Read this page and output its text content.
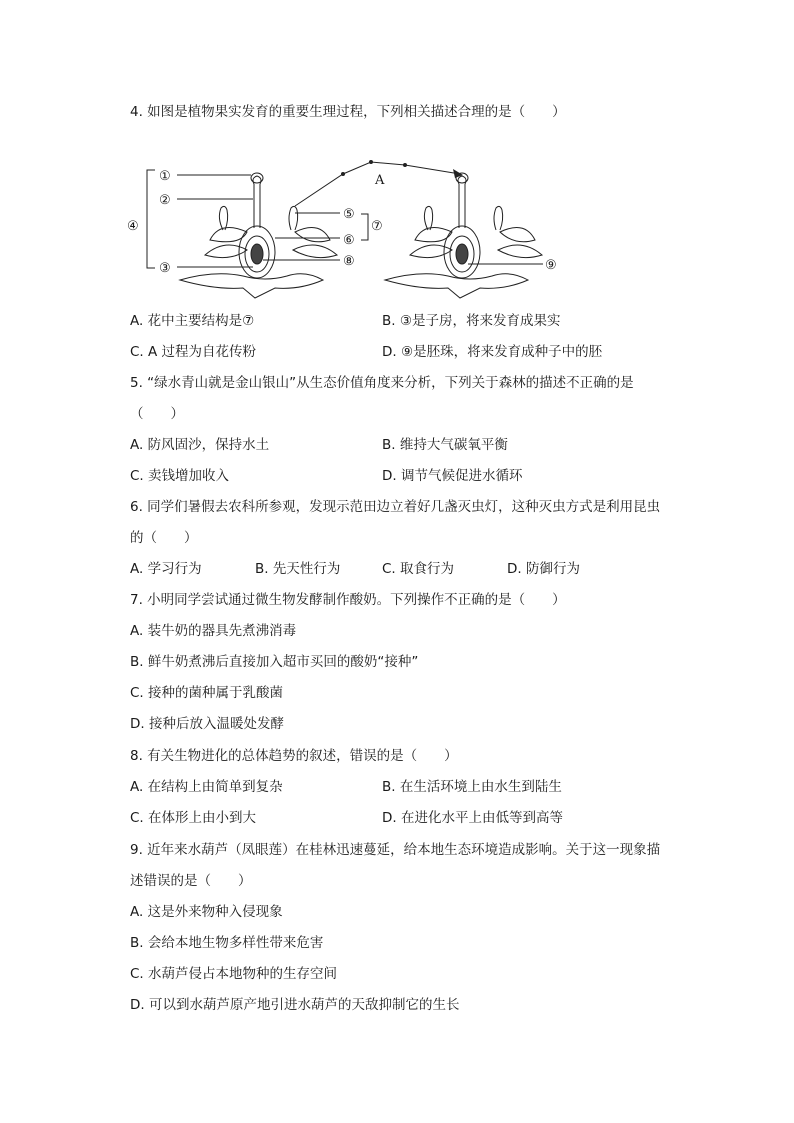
4. 如图是植物果实发育的重要生理过程，下列相关描述合理的是（　　）
A
①
②
③
④
⑤
⑥
⑦
⑧	⑨
A. 花中主要结构是⑦	B. ③是子房，将来发育成果实
C. A 过程为自花传粉	D. ⑨是胚珠，将来发育成种子中的胚
5. “绿水青山就是金山银山”从生态价值角度来分析，下列关于森林的描述不正确的是
（　　）
A. 防风固沙，保持水土	B. 维持大气碳氧平衡
C. 卖钱增加收入	D. 调节气候促进水循环
6. 同学们暑假去农科所参观，发现示范田边立着好几盏灭虫灯，这种灭虫方式是利用昆虫
的（　　）
A. 学习行为	B. 先天性行为	C. 取食行为	D. 防御行为
7. 小明同学尝试通过微生物发酵制作酸奶。下列操作不正确的是（　　）
A. 装牛奶的器具先煮沸消毒
B. 鲜牛奶煮沸后直接加入超市买回的酸奶“接种”
C. 接种的菌种属于乳酸菌
D. 接种后放入温暖处发酵
8. 有关生物进化的总体趋势的叙述，错误的是（　　）
A. 在结构上由简单到复杂	B. 在生活环境上由水生到陆生
C. 在体形上由小到大	D. 在进化水平上由低等到高等
9. 近年来水葫芦（凤眼莲）在桂林迅速蔓延，给本地生态环境造成影响。关于这一现象描
述错误的是（　　）
A. 这是外来物种入侵现象
B. 会给本地生物多样性带来危害
C. 水葫芦侵占本地物种的生存空间
D. 可以到水葫芦原产地引进水葫芦的天敌抑制它的生长
